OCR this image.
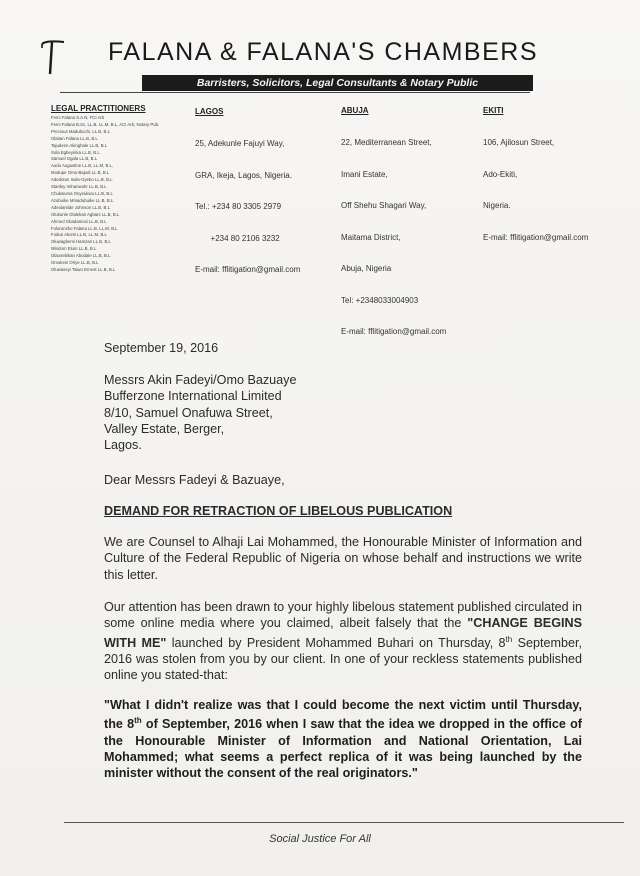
FALANA & FALANA'S CHAMBERS
Barristers, Solicitors, Legal Consultants & Notary Public
LEGAL PRACTITIONERS
Femi Falana S.A.N, FCI Arb
Femi Falana B.Sc, LL.B, LL.M, B.L, ACI Arb, Notary Pub.
Precious Madubuchi, LL.B, B.L
Olaitan Falana LL.B, B.L
Tajudeen Akinghale LL.B, B.L
Sola Egbeyinka LL.B, B.L
Samuel Ogala LL.B, B.L
Audu Augustine LL.B, LL.M, B.L,
Modupe Omo-Bajodi LL.B, B.L
Adedotun Isola-Oyebo LL.B, B.L
Stanley Imhanwohr LL.B, B.L
Chukwuma Onyeukwu LL.B, B.L
Azubuike Mmadubuike LL.B, B.L
Adeolamide Johnson LL.B, B.L
Olukunle Olalekan Agbani LL.B, B.L
Ahmed Gbadamosi LL.B, B.L
Folorunsho Falana LL.B, LL.M, B.L
Fodun Akomi LL.B, LL.M, B.L
Oluwagbemi Hamzan LL.B, B.L
Wisdom Elum LL.B, B.L
Olaosebikan Abodale LL.B, B.L
Omokeni Oriye LL.B, B.L
Oluwaseyi Taiwo Ernest LL.B, B.L
LAGOS

25, Adekunle Fajuyi Way,

GRA, Ikeja, Lagos, Nigeria.

Tel.: +234 80 3305 2979

+234 80 2106 3232

E-mail: fflitigation@gmail.com

ABUJA

22, Mediterranean Street,

Imani Estate,

Off Shehu Shagari Way,

Maitama District,

Abuja, Nigeria

Tel: +2348033004903

E-mail: fflitigation@gmail.com

EKITI

106, Ajilosun Street,

Ado-Ekiti,

Nigeria.

E-mail: fflitigation@gmail.com

September 19, 2016
Messrs Akin Fadeyi/Omo Bazuaye
Bufferzone International Limited
8/10, Samuel Onafuwa Street,
Valley Estate, Berger,
Lagos.
Dear Messrs Fadeyi & Bazuaye,
DEMAND FOR RETRACTION OF LIBELOUS PUBLICATION
We are Counsel to Alhaji Lai Mohammed, the Honourable Minister of Information and Culture of the Federal Republic of Nigeria on whose behalf and instructions we write this letter.
Our attention has been drawn to your highly libelous statement published circulated in some online media where you claimed, albeit falsely that the "CHANGE BEGINS WITH ME" launched by President Mohammed Buhari on Thursday, 8th September, 2016 was stolen from you by our client. In one of your reckless statements published online you stated-that:
"What I didn't realize was that I could become the next victim until Thursday, the 8th of September, 2016 when I saw that the idea we dropped in the office of the Honourable Minister of Information and National Orientation, Lai Mohammed; what seems a perfect replica of it was being launched by the minister without the consent of the real originators."
Social Justice For All
